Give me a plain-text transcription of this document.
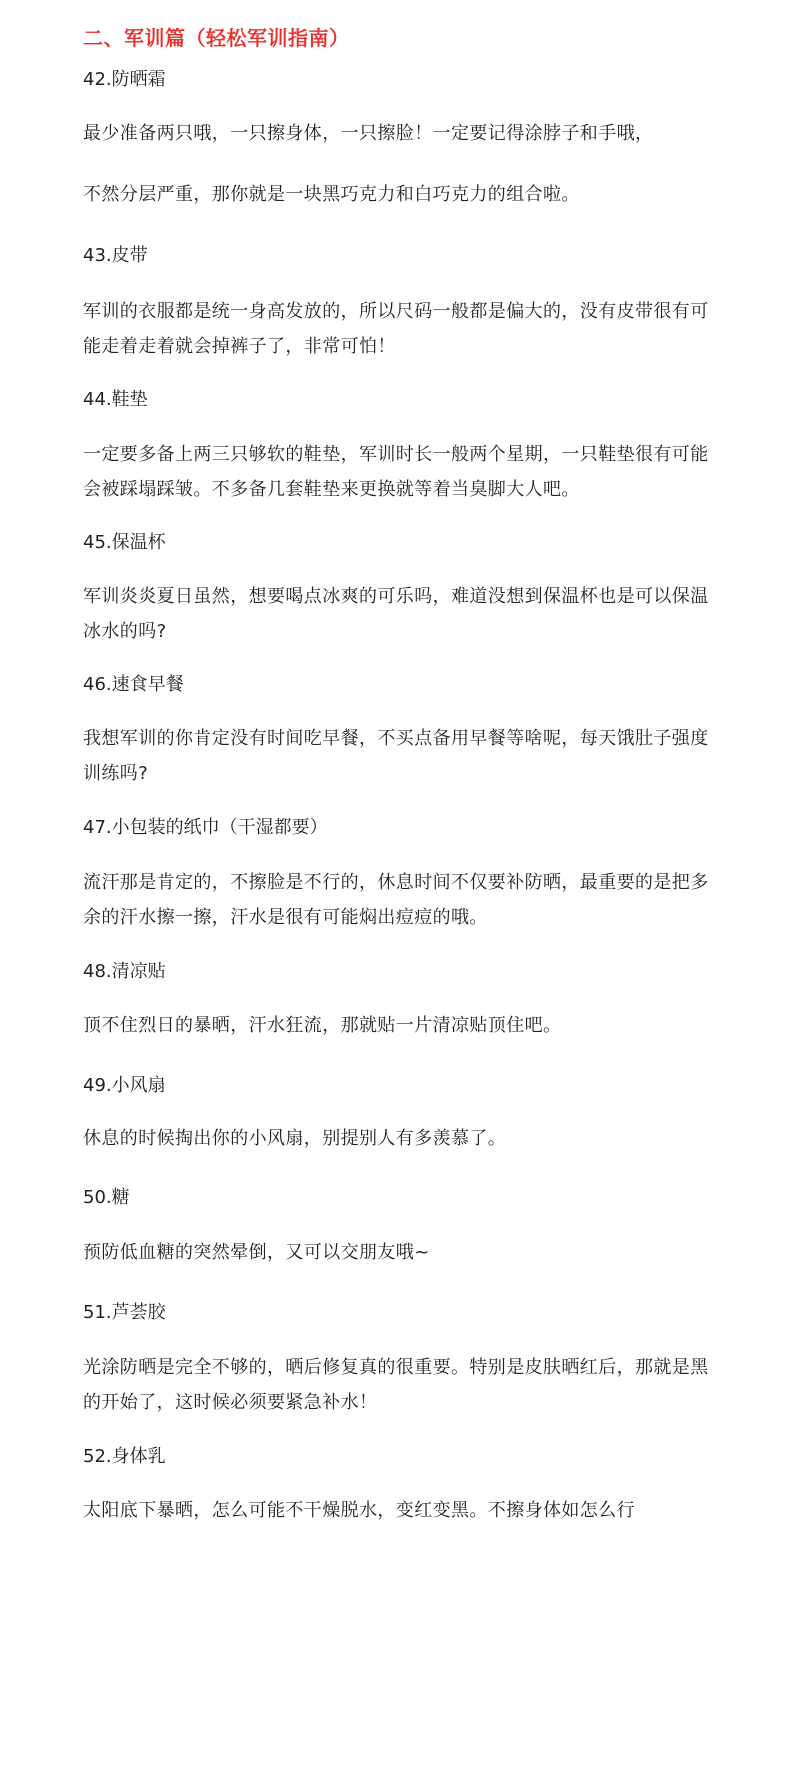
二、军训篇（轻松军训指南）
42.防晒霜
最少准备两只哦，一只擦身体，一只擦脸！一定要记得涂脖子和手哦，
不然分层严重，那你就是一块黑巧克力和白巧克力的组合啦。
43.皮带
军训的衣服都是统一身高发放的，所以尺码一般都是偏大的，没有皮带很有可
能走着走着就会掉裤子了，非常可怕！
44.鞋垫
一定要多备上两三只够软的鞋垫，军训时长一般两个星期，一只鞋垫很有可能
会被踩塌踩皱。不多备几套鞋垫来更换就等着当臭脚大人吧。
45.保温杯
军训炎炎夏日虽然，想要喝点冰爽的可乐吗，难道没想到保温杯也是可以保温
冰水的吗?
46.速食早餐
我想军训的你肯定没有时间吃早餐，不买点备用早餐等啥呢，每天饿肚子强度
训练吗?
47.小包装的纸巾（干湿都要）
流汗那是肯定的，不擦脸是不行的，休息时间不仅要补防晒，最重要的是把多
余的汗水擦一擦，汗水是很有可能焖出痘痘的哦。
48.清凉贴
顶不住烈日的暴晒，汗水狂流，那就贴一片清凉贴顶住吧。
49.小风扇
休息的时候掏出你的小风扇，别提别人有多羡慕了。
50.糖
预防低血糖的突然晕倒，又可以交朋友哦~
51.芦荟胶
光涂防晒是完全不够的，晒后修复真的很重要。特别是皮肤晒红后，那就是黑
的开始了，这时候必须要紧急补水！
52.身体乳
太阳底下暴晒，怎么可能不干燥脱水，变红变黑。不擦身体如怎么行
